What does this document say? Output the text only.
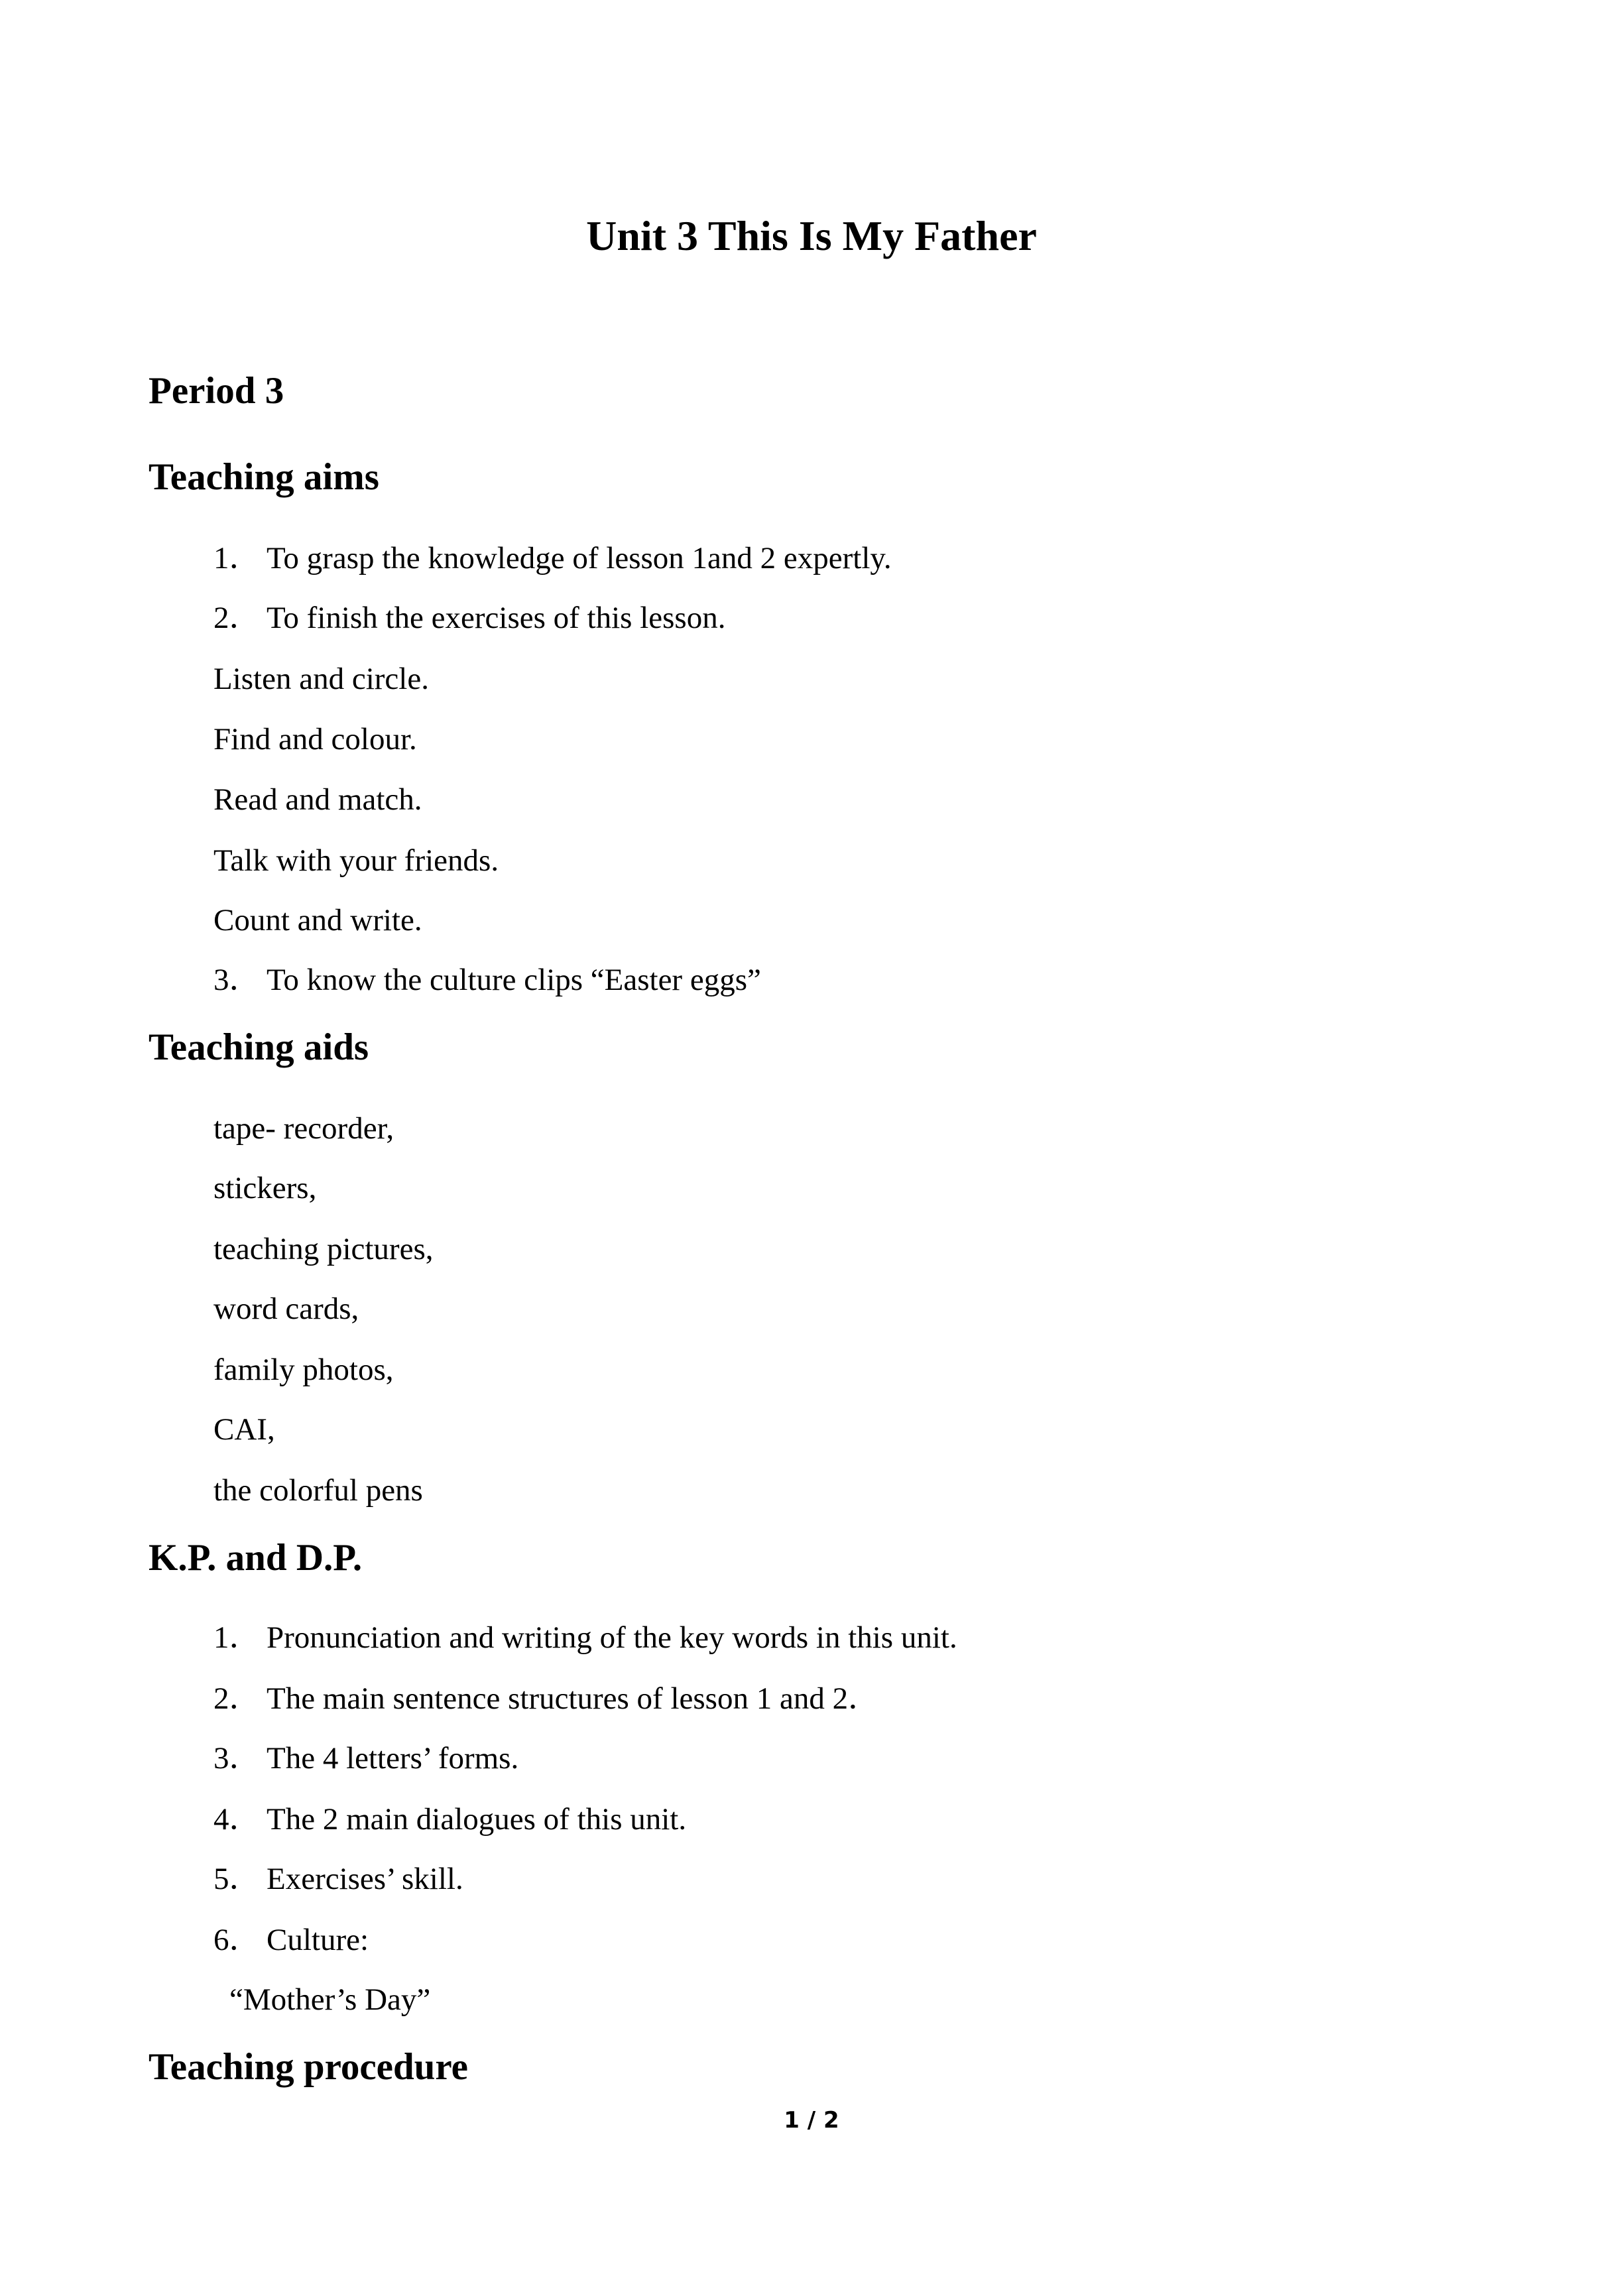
Unit 3 This Is My Father
Period 3
Teaching aims
1． To grasp the knowledge of lesson 1and 2 expertly.
2． To finish the exercises of this lesson.
Listen and circle.
Find and colour.
Read and match.
Talk with your friends.
Count and write.
3． To know the culture clips “Easter eggs”
Teaching aids
tape- recorder,
stickers,
teaching pictures,
word cards,
family photos,
CAI,
the colorful pens
K.P. and D.P.
1． Pronunciation and writing of the key words in this unit.
2． The main sentence structures of lesson 1 and 2．
3． The 4 letters’ forms.
4． The 2 main dialogues of this unit.
5． Exercises’ skill.
6． Culture:
“Mother’s Day”
Teaching procedure
1 / 2
